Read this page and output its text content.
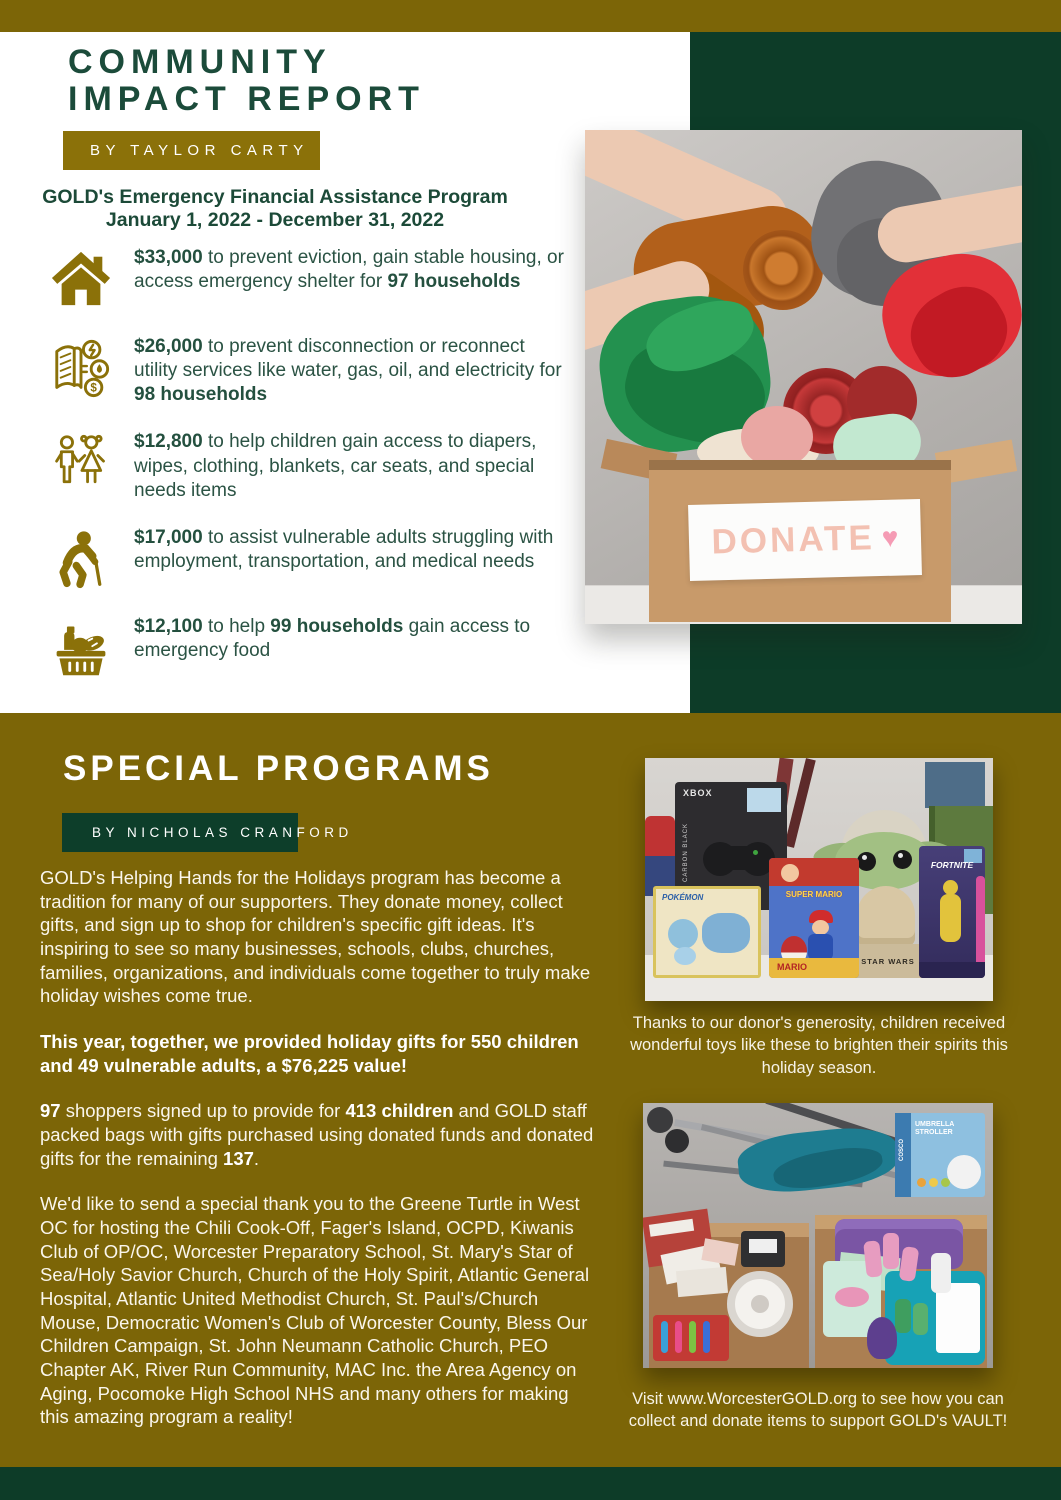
COMMUNITY
IMPACT REPORT
BY TAYLOR CARTY
GOLD's Emergency Financial Assistance Program
January 1, 2022 - December 31, 2022

$33,000 to prevent eviction, gain stable housing, or access emergency shelter for 97 households

$

$26,000 to prevent disconnection or reconnect utility services like water, gas, oil, and electricity for 98 households

$12,800 to help children gain access to diapers, wipes, clothing, blankets, car seats, and special needs items

$17,000 to assist vulnerable adults struggling with employment, transportation, and medical needs

$12,100 to help 99 households gain access to emergency food

DONATE ♥
SPECIAL PROGRAMS
BY NICHOLAS CRANFORD

GOLD's Helping Hands for the Holidays program has become a tradition for many of our supporters. They donate money, collect gifts, and sign up to shop for children's specific gift ideas. It's inspiring to see so many businesses, schools, clubs, churches, families, organizations, and individuals come together to truly make holiday wishes come true.

This year, together, we provided holiday gifts for 550 children and 49 vulnerable adults, a $76,225 value!

97 shoppers signed up to provide for 413 children and GOLD staff packed bags with gifts purchased using donated funds and donated gifts for the remaining 137.

We'd like to send a special thank you to the Greene Turtle in West OC for hosting the Chili Cook-Off, Fager's Island, OCPD, Kiwanis Club of OP/OC, Worcester Preparatory School, St. Mary's Star of Sea/Holy Savior Church, Church of the Holy Spirit, Atlantic General Hospital, Atlantic United Methodist Church, St. Paul's/Church Mouse, Democratic Women's Club of Worcester County, Bless Our Children Campaign, St. John Neumann Catholic Church, PEO Chapter AK, River Run Community, MAC Inc. the Area Agency on Aging, Pocomoke High School NHS and many others for making this amazing program a reality!

XBOX
CARBON BLACK
POKÉMON
STAR WARS
SUPER MARIO
MARIO
FORTNITE

Thanks to our donor's generosity, children received wonderful toys like these to brighten their spirits this holiday season.

COSCO
UMBRELLA STROLLER

Visit www.WorcesterGOLD.org to see how you can collect and donate items to support GOLD's VAULT!
